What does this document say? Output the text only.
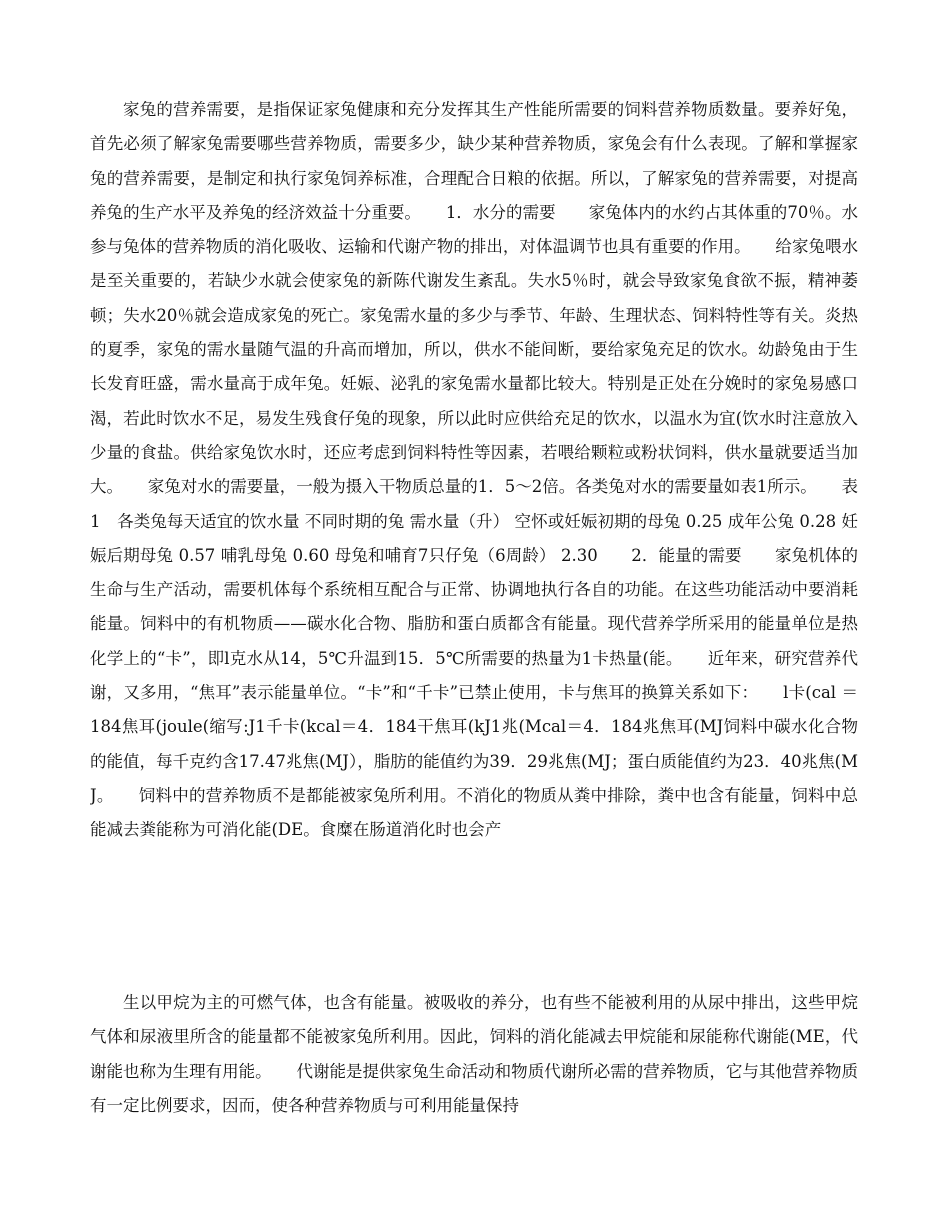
家兔的营养需要，是指保证家兔健康和充分发挥其生产性能所需要的饲料营养物质数量。要养好兔，首先必须了解家兔需要哪些营养物质，需要多少，缺少某种营养物质，家兔会有什么表现。了解和掌握家兔的营养需要，是制定和执行家兔饲养标准，合理配合日粮的依据。所以，了解家兔的营养需要，对提高养兔的生产水平及养兔的经济效益十分重要。　　1．水分的需要　　家兔体内的水约占其体重的70％。水参与兔体的营养物质的消化吸收、运输和代谢产物的排出，对体温调节也具有重要的作用。　　给家兔喂水是至关重要的，若缺少水就会使家兔的新陈代谢发生紊乱。失水5％时，就会导致家兔食欲不振，精神萎顿；失水20％就会造成家兔的死亡。家兔需水量的多少与季节、年龄、生理状态、饲料特性等有关。炎热的夏季，家兔的需水量随气温的升高而增加，所以，供水不能间断，要给家兔充足的饮水。幼龄兔由于生长发育旺盛，需水量高于成年兔。妊娠、泌乳的家兔需水量都比较大。特别是正处在分娩时的家兔易感口渴，若此时饮水不足，易发生残食仔兔的现象，所以此时应供给充足的饮水，以温水为宜(饮水时注意放入少量的食盐。供给家兔饮水时，还应考虑到饲料特性等因素，若喂给颗粒或粉状饲料，供水量就要适当加大。　　家兔对水的需要量，一般为摄入干物质总量的1．5～2倍。各类兔对水的需要量如表1所示。　　表1　各类兔每天适宜的饮水量 不同时期的兔 需水量（升） 空怀或妊娠初期的母兔 0.25 成年公兔 0.28 妊娠后期母兔 0.57 哺乳母兔 0.60 母兔和哺育7只仔兔（6周龄） 2.30　　2．能量的需要　　家兔机体的生命与生产活动，需要机体每个系统相互配合与正常、协调地执行各自的功能。在这些功能活动中要消耗能量。饲料中的有机物质——碳水化合物、脂肪和蛋白质都含有能量。现代营养学所采用的能量单位是热化学上的“卡”，即l克水从14，5℃升温到15．5℃所需要的热量为1卡热量(能。　　近年来，研究营养代谢，又多用，“焦耳”表示能量单位。“卡”和“千卡”已禁止使用，卡与焦耳的换算关系如下：　　l卡(cal ＝184焦耳(joule(缩写:J1千卡(kcal＝4．184干焦耳(kJ1兆(Mcal＝4．184兆焦耳(MJ饲料中碳水化合物的能值，每千克约含17.47兆焦(MJ），脂肪的能值约为39．29兆焦(MJ；蛋白质能值约为23．40兆焦(MJ。　　饲料中的营养物质不是都能被家兔所利用。不消化的物质从粪中排除，粪中也含有能量，饲料中总能减去粪能称为可消化能(DE。食糜在肠道消化时也会产

生以甲烷为主的可燃气体，也含有能量。被吸收的养分，也有些不能被利用的从尿中排出，这些甲烷气体和尿液里所含的能量都不能被家兔所利用。因此，饲料的消化能减去甲烷能和尿能称代谢能(ME，代谢能也称为生理有用能。　　代谢能是提供家兔生命活动和物质代谢所必需的营养物质，它与其他营养物质有一定比例要求，因而，使各种营养物质与可利用能量保持
